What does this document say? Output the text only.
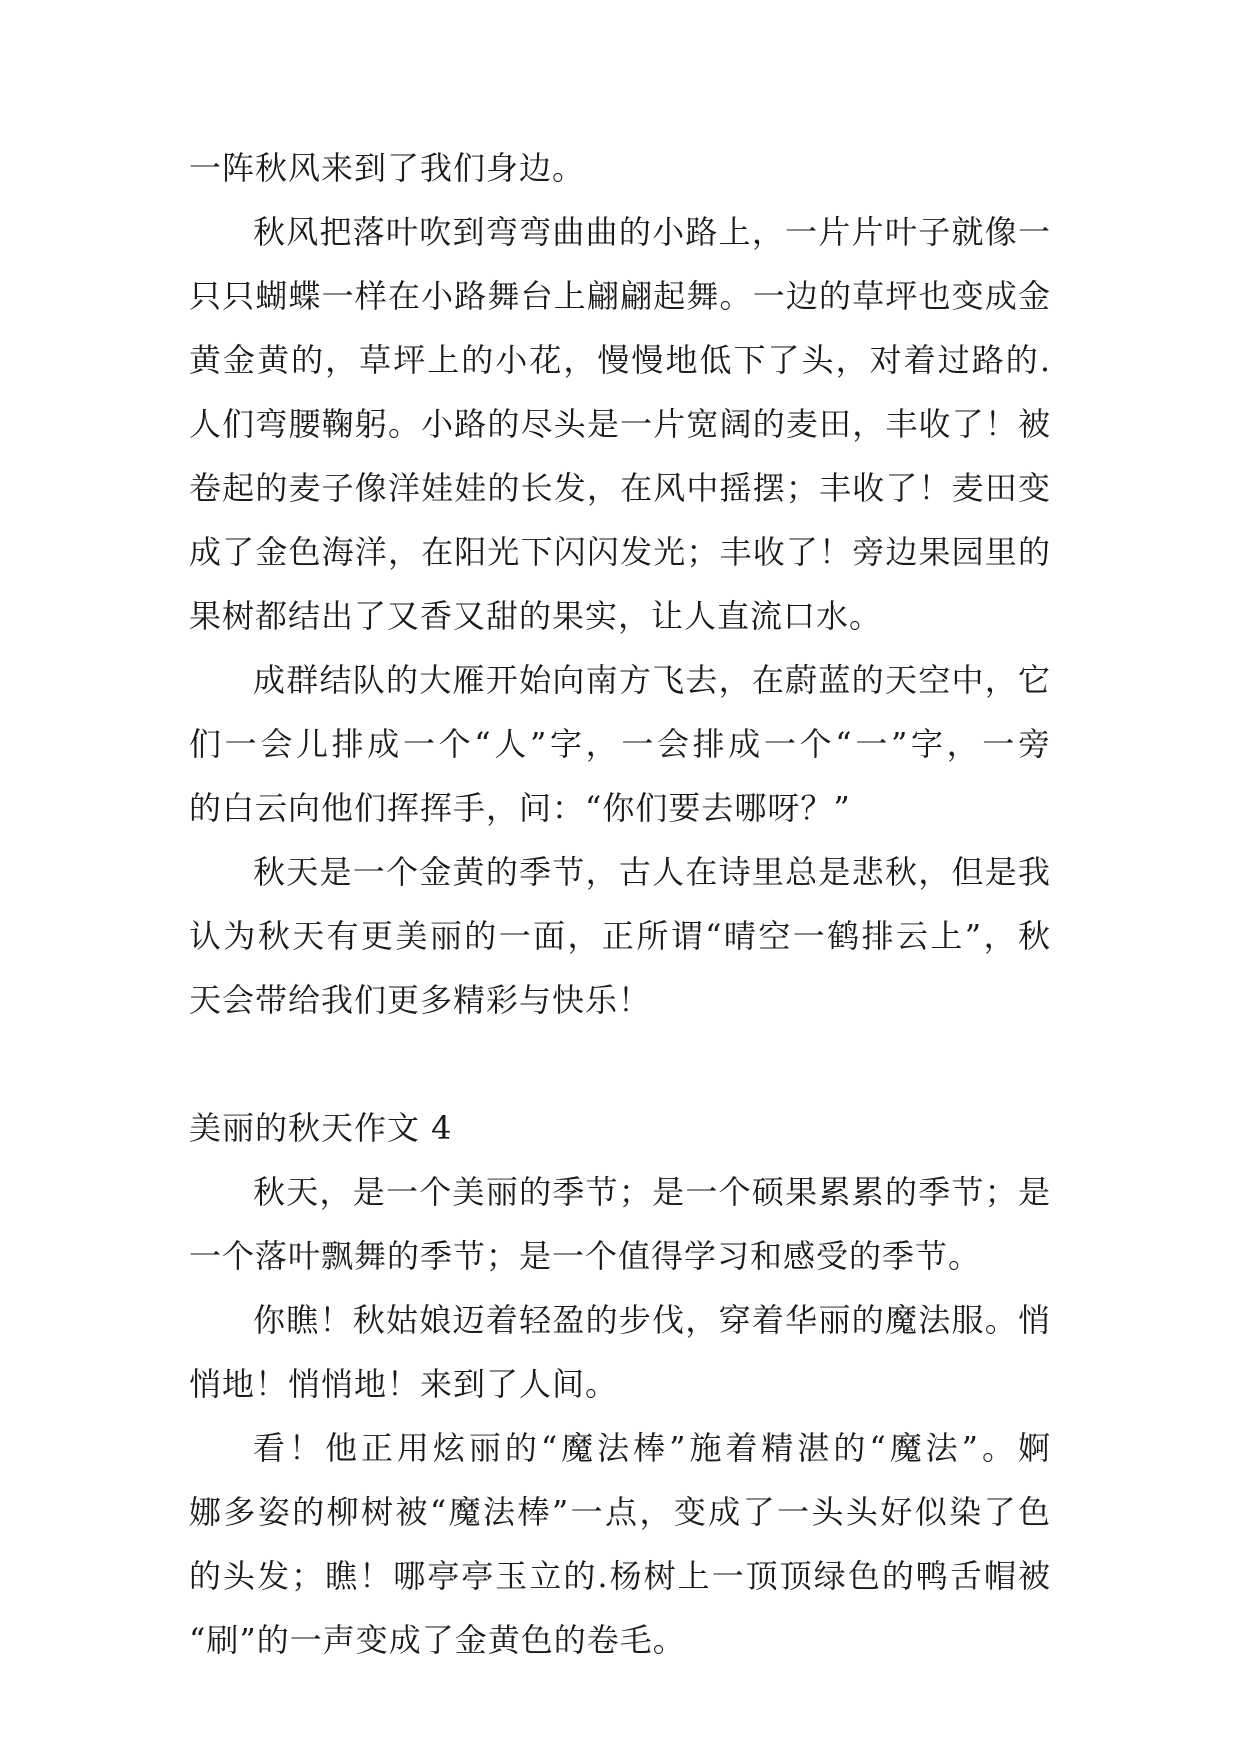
一阵秋风来到了我们身边。
秋风把落叶吹到弯弯曲曲的小路上，一片片叶子就像一
只只蝴蝶一样在小路舞台上翩翩起舞。一边的草坪也变成金
黄金黄的，草坪上的小花，慢慢地低下了头，对着过路的.
人们弯腰鞠躬。小路的尽头是一片宽阔的麦田，丰收了！被
卷起的麦子像洋娃娃的长发，在风中摇摆；丰收了！麦田变
成了金色海洋，在阳光下闪闪发光；丰收了！旁边果园里的
果树都结出了又香又甜的果实，让人直流口水。
成群结队的大雁开始向南方飞去，在蔚蓝的天空中，它
们一会儿排成一个“人”字，一会排成一个“一”字，一旁
的白云向他们挥挥手，问：“你们要去哪呀？”
秋天是一个金黄的季节，古人在诗里总是悲秋，但是我
认为秋天有更美丽的一面，正所谓“晴空一鹤排云上”，秋
天会带给我们更多精彩与快乐！

美丽的秋天作文 4

秋天，是一个美丽的季节；是一个硕果累累的季节；是
一个落叶飘舞的季节；是一个值得学习和感受的季节。
你瞧！秋姑娘迈着轻盈的步伐，穿着华丽的魔法服。悄
悄地！悄悄地！来到了人间。
看！他正用炫丽的“魔法棒”施着精湛的“魔法”。婀
娜多姿的柳树被“魔法棒”一点，变成了一头头好似染了色
的头发；瞧！哪亭亭玉立的.杨树上一顶顶绿色的鸭舌帽被
“刷”的一声变成了金黄色的卷毛。
